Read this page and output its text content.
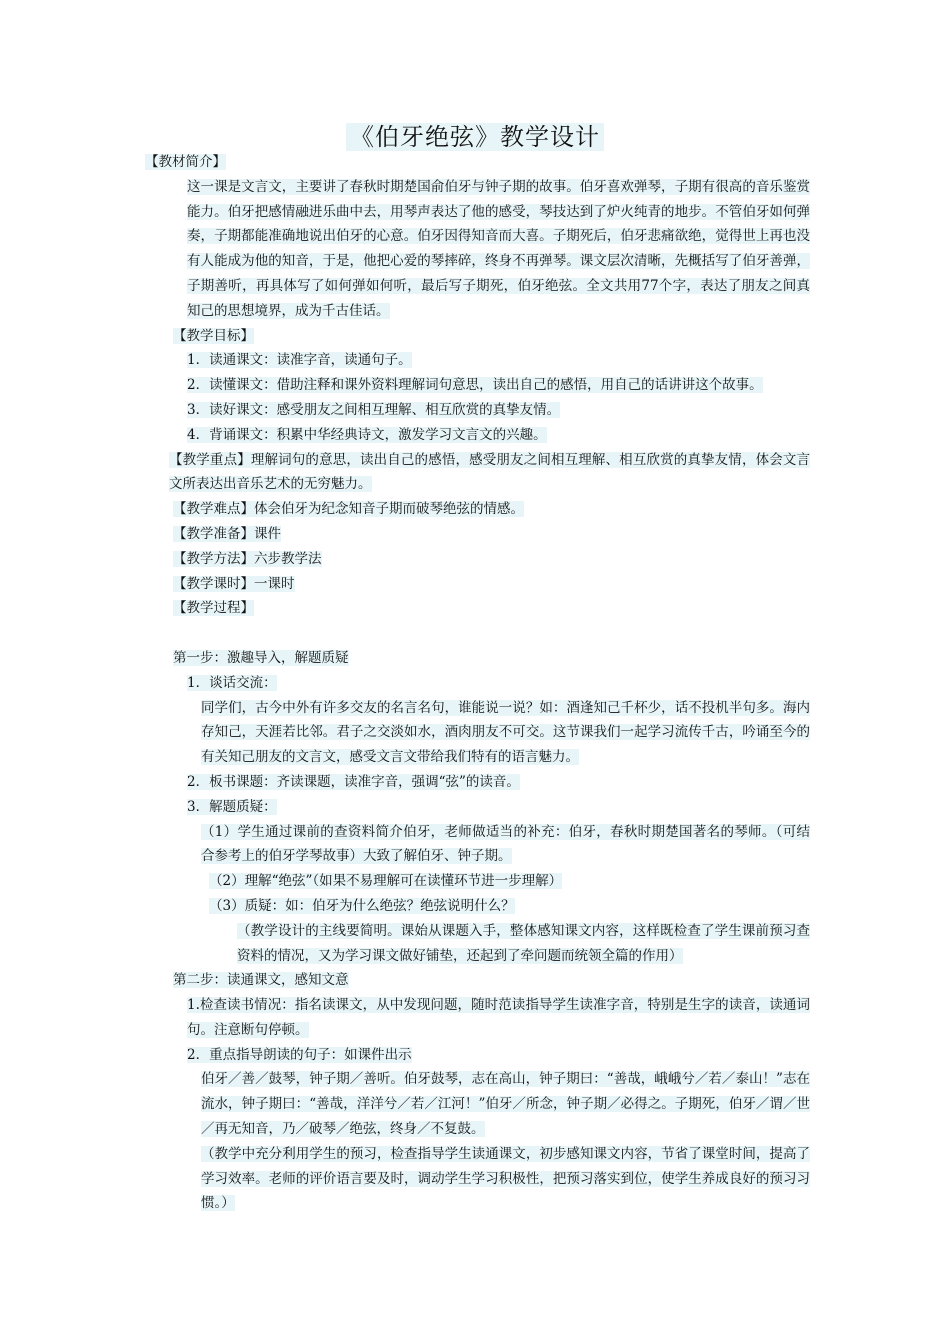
《伯牙绝弦》教学设计

【教材简介】

这一课是文言文，主要讲了春秋时期楚国俞伯牙与钟子期的故事。伯牙喜欢弹琴，子期有很高的音乐鉴赏能力。伯牙把感情融进乐曲中去，用琴声表达了他的感受，琴技达到了炉火纯青的地步。不管伯牙如何弹奏，子期都能准确地说出伯牙的心意。伯牙因得知音而大喜。子期死后，伯牙悲痛欲绝，觉得世上再也没有人能成为他的知音，于是，他把心爱的琴摔碎，终身不再弹琴。课文层次清晰，先概括写了伯牙善弹，子期善听，再具体写了如何弹如何听，最后写子期死，伯牙绝弦。全文共用77个字，表达了朋友之间真知己的思想境界，成为千古佳话。

【教学目标】

1．读通课文：读准字音，读通句子。

2．读懂课文：借助注释和课外资料理解词句意思，读出自己的感悟，用自己的话讲讲这个故事。

3．读好课文：感受朋友之间相互理解、相互欣赏的真挚友情。

4．背诵课文：积累中华经典诗文，激发学习文言文的兴趣。

【教学重点】理解词句的意思，读出自己的感悟，感受朋友之间相互理解、相互欣赏的真挚友情，体会文言文所表达出音乐艺术的无穷魅力。

【教学难点】体会伯牙为纪念知音子期而破琴绝弦的情感。

【教学准备】课件

【教学方法】六步教学法

【教学课时】一课时

【教学过程】

第一步：激趣导入，解题质疑

1．谈话交流：

同学们，古今中外有许多交友的名言名句，谁能说一说？如：酒逢知己千杯少，话不投机半句多。海内存知己，天涯若比邻。君子之交淡如水，酒肉朋友不可交。这节课我们一起学习流传千古，吟诵至今的有关知己朋友的文言文，感受文言文带给我们特有的语言魅力。

2．板书课题：齐读课题，读准字音，强调“弦”的读音。

3．解题质疑：

（1）学生通过课前的查资料简介伯牙，老师做适当的补充：伯牙，春秋时期楚国著名的琴师。（可结合参考上的伯牙学琴故事）大致了解伯牙、钟子期。

（2）理解“绝弦”（如果不易理解可在读懂环节进一步理解）

（3）质疑：如：伯牙为什么绝弦？绝弦说明什么？

（教学设计的主线要简明。课始从课题入手，整体感知课文内容，这样既检查了学生课前预习查资料的情况，又为学习课文做好铺垫，还起到了牵问题而统领全篇的作用）

第二步：读通课文，感知文意

1.检查读书情况：指名读课文，从中发现问题，随时范读指导学生读准字音，特别是生字的读音，读通词句。注意断句停顿。

2．重点指导朗读的句子：如课件出示

伯牙／善／鼓琴，钟子期／善听。伯牙鼓琴，志在高山，钟子期曰：“善哉，峨峨兮／若／泰山！”志在流水，钟子期曰：“善哉，洋洋兮／若／江河！”伯牙／所念，钟子期／必得之。子期死，伯牙／谓／世／再无知音，乃／破琴／绝弦，终身／不复鼓。

（教学中充分利用学生的预习，检查指导学生读通课文，初步感知课文内容，节省了课堂时间，提高了学习效率。老师的评价语言要及时，调动学生学习积极性，把预习落实到位，使学生养成良好的预习习惯。）
